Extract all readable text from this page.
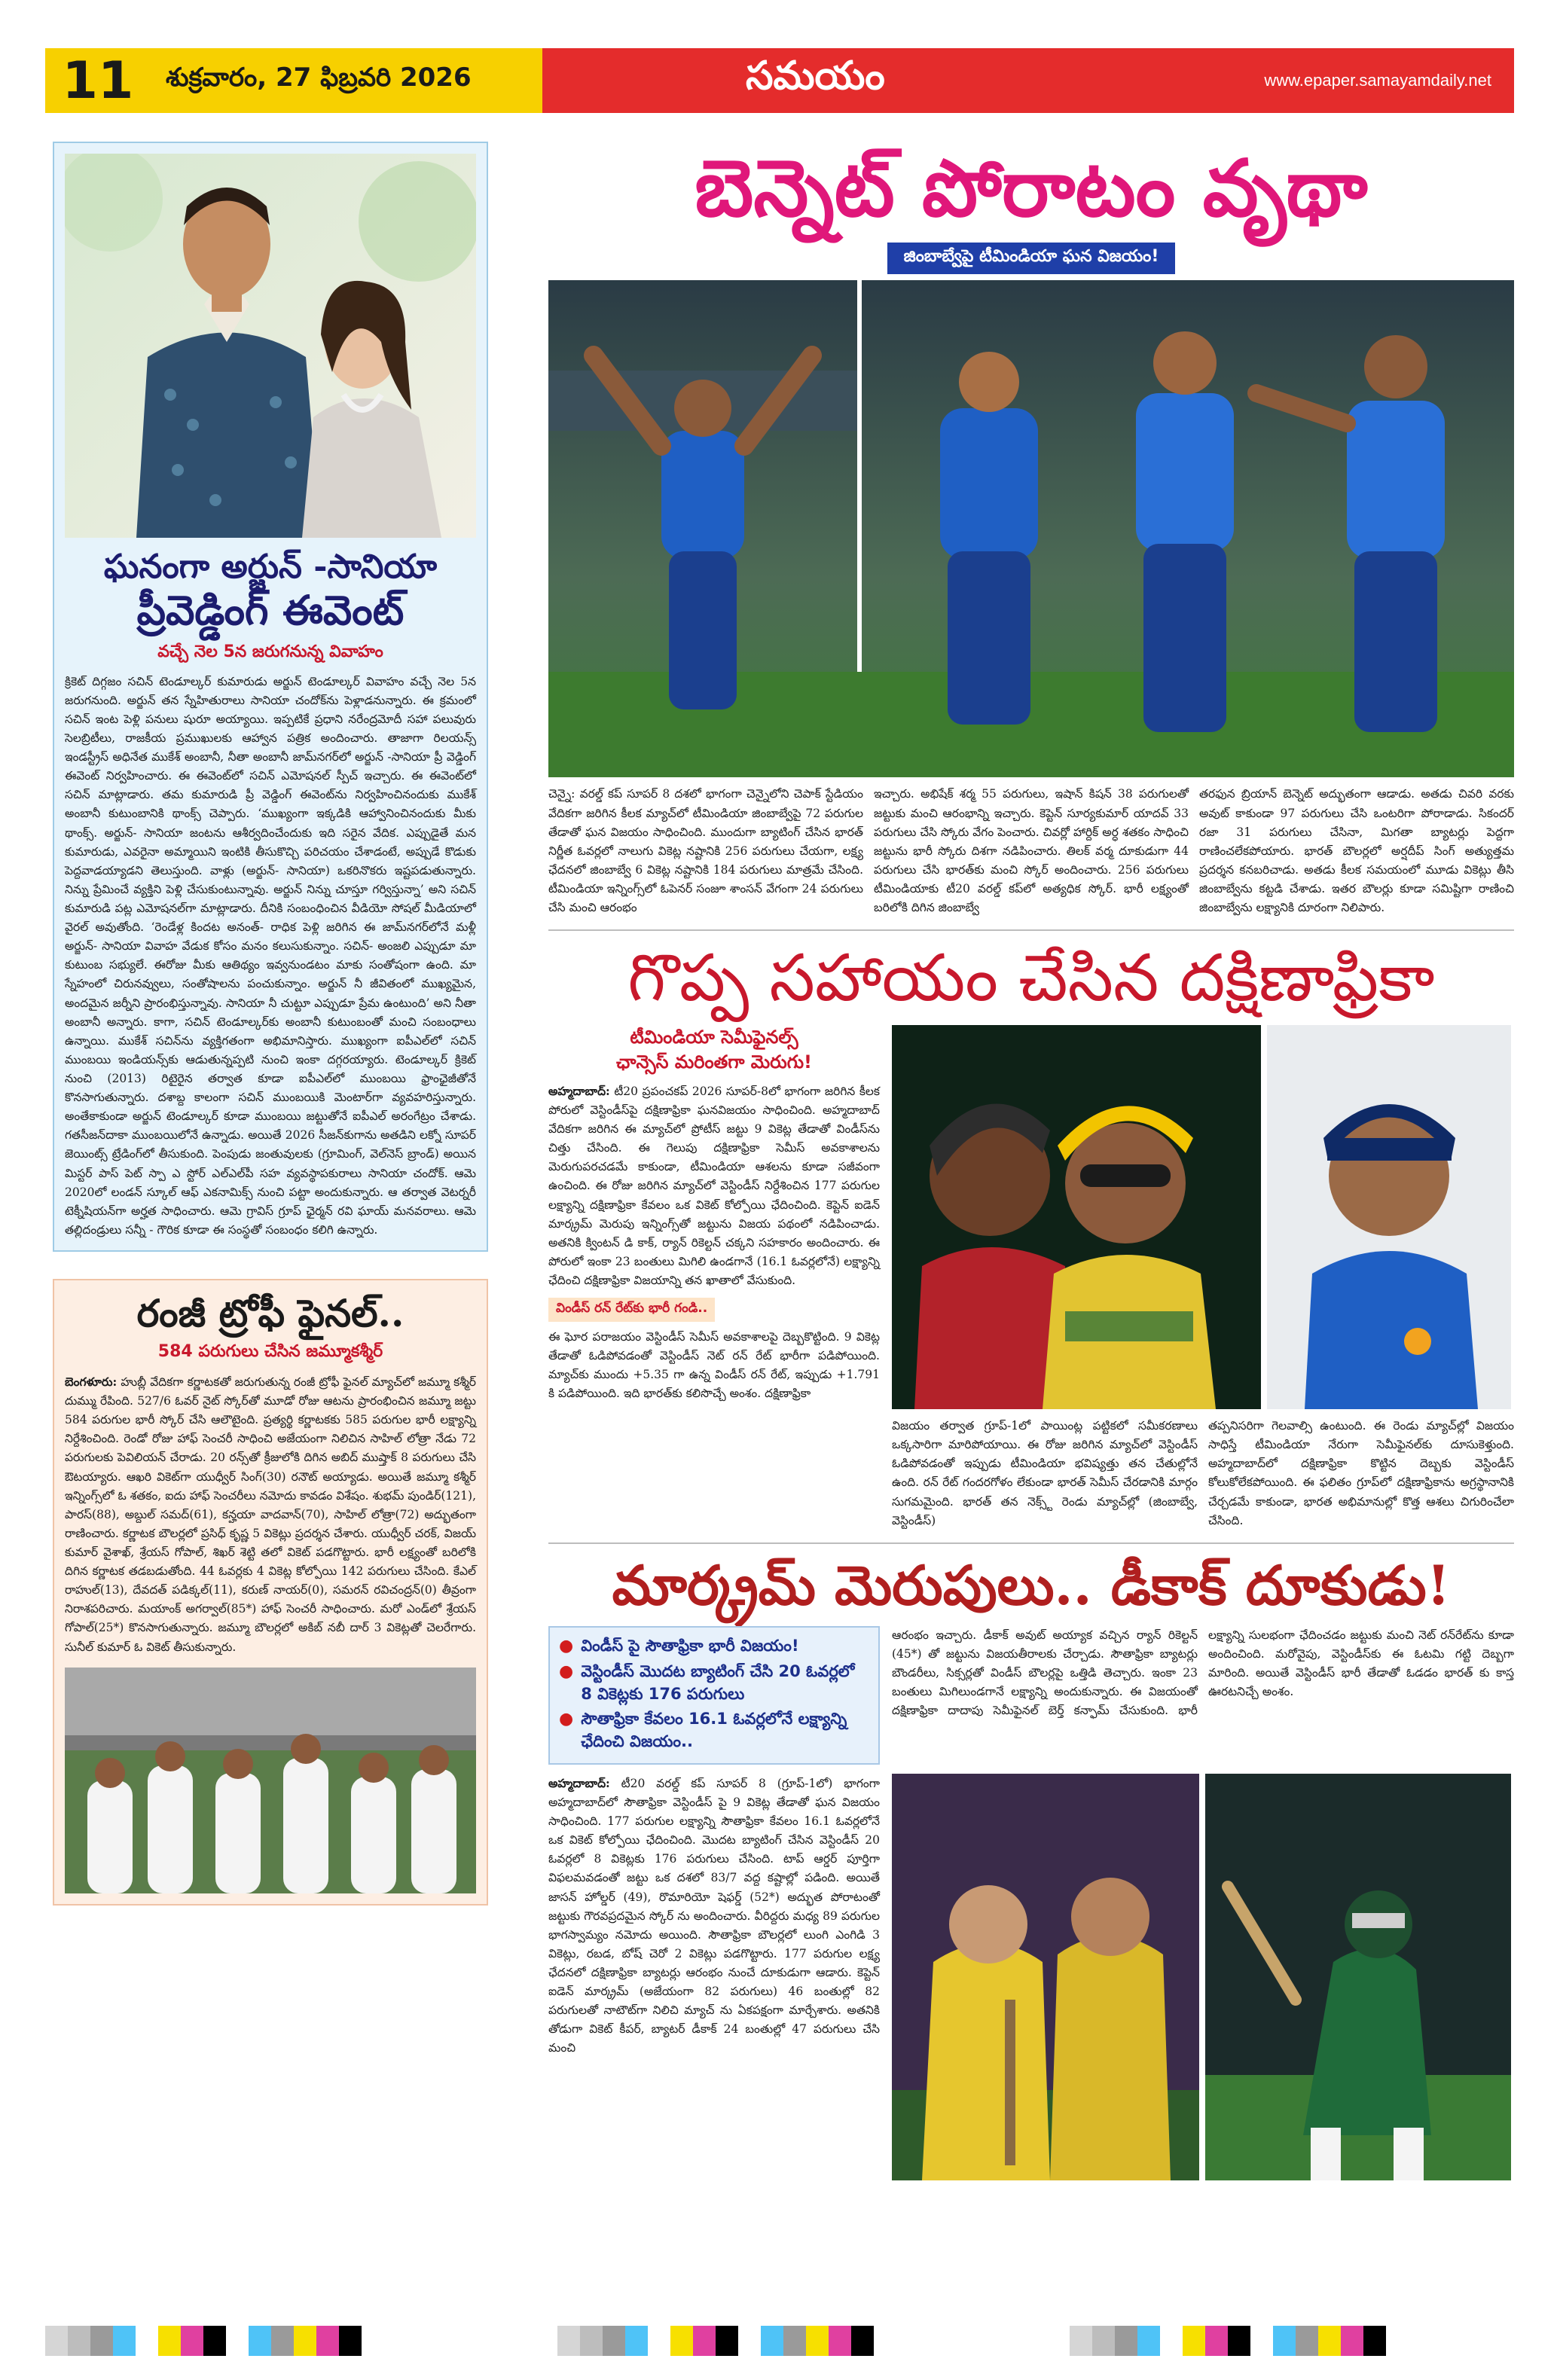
11	శుక్రవారం, 27 ఫిబ్రవరి 2026	సమయం	www.epaper.samayamdaily.net
ఘనంగా అర్జున్ -సానియా
ప్రీవెడ్డింగ్ ఈవెంట్
వచ్చే నెల 5న జరుగనున్న వివాహం
క్రికెట్ దిగ్గజం సచిన్ టెండూల్కర్ కుమారుడు అర్జున్ టెండూల్కర్ వివాహం వచ్చే నెల 5న జరుగనుంది. అర్జున్ తన స్నేహితురాలు సానియా చందోక్‌ను పెళ్లాడనున్నారు. ఈ క్రమంలో సచిన్ ఇంట పెళ్లి పనులు షురూ అయ్యాయి. ఇప్పటికే ప్రధాని నరేంద్రమోదీ సహా పలువురు సెలబ్రిటీలు, రాజకీయ ప్రముఖులకు ఆహ్వాన పత్రిక అందించారు. తాజాగా రిలయన్స్ ఇండస్ట్రీస్ అధినేత ముకేశ్ అంబానీ, నీతా అంబానీ జామ్‌నగర్‌లో అర్జున్ -సానియా ప్రీ వెడ్డింగ్ ఈవెంట్ నిర్వహించారు. ఈ ఈవెంట్‌లో సచిన్ ఎమోషనల్ స్పీచ్ ఇచ్చారు. ఈ ఈవెంట్‌లో సచిన్ మాట్లాడారు. తమ కుమారుడి ప్రీ వెడ్డింగ్ ఈవెంట్‌ను నిర్వహించినందుకు ముకేశ్ అంబానీ కుటుంబానికి థాంక్స్ చెప్పారు. ‘ముఖ్యంగా ఇక్కడికి ఆహ్వానించినందుకు మీకు థాంక్స్. అర్జున్- సానియా జంటను ఆశీర్వదించేందుకు ఇది సరైన వేదిక. ఎప్పుడైతే మన కుమారుడు, ఎవరైనా అమ్మాయిని ఇంటికి తీసుకొచ్చి పరిచయం చేశాడంటే, అప్పుడే కొడుకు పెద్దవాడయ్యాడని తెలుస్తుంది. వాళ్లు (అర్జున్- సానియా) ఒకరినొకరు ఇష్టపడుతున్నారు. నిన్ను ప్రేమించే వ్యక్తిని పెళ్లి చేసుకుంటున్నావు. అర్జున్ నిన్ను చూస్తూ గర్విస్తున్నా’ అని సచిన్ కుమారుడి పట్ల ఎమోషనల్‌గా మాట్లాడారు. దీనికి సంబంధించిన వీడియో సోషల్ మీడియాలో వైరల్ అవుతోంది. ‘రెండేళ్ల కిందట అనంత్- రాధిక పెళ్లి జరిగిన ఈ జామ్‌నగర్‌లోనే మళ్లీ అర్జున్- సానియా వివాహ వేడుక కోసం మనం కలుసుకున్నాం. సచిన్- అంజలి ఎప్పుడూ మా కుటుంబ సభ్యులే. ఈరోజు మీకు ఆతిథ్యం ఇవ్వనుండటం మాకు సంతోషంగా ఉంది. మా స్నేహంలో చిరునవ్వులు, సంతోషాలను పంచుకున్నాం. అర్జున్ నీ జీవితంలో ముఖ్యమైన, అందమైన జర్నీని ప్రారంభిస్తున్నావు. సానియా నీ చుట్టూ ఎప్పుడూ ప్రేమ ఉంటుంది’ అని నీతా అంబానీ అన్నారు. కాగా, సచిన్ టెండూల్కర్‌కు అంబానీ కుటుంబంతో మంచి సంబంధాలు ఉన్నాయి. ముకేశ్ సచిన్‌ను వ్యక్తిగతంగా అభిమానిస్తారు. ముఖ్యంగా ఐపీఎల్‌లో సచిన్ ముంబయి ఇండియన్స్‌కు ఆడుతున్నప్పటి నుంచి ఇంకా దగ్గరయ్యారు. టెండూల్కర్ క్రికెట్ నుంచి (2013) రిటైరైన తర్వాత కూడా ఐపీఎల్‌లో ముంబయి ఫ్రాంఛైజీతోనే కొనసాగుతున్నారు. దశాబ్ద కాలంగా సచిన్ ముంబయికి మెంటార్‌గా వ్యవహరిస్తున్నారు. అంతేకాకుండా అర్జున్ టెండూల్కర్ కూడా ముంబయి జట్టుతోనే ఐపీఎల్ అరంగేట్రం చేశాడు. గతసీజన్‌దాకా ముంబయిలోనే ఉన్నాడు. అయితే 2026 సీజన్‌కుగాను అతడిని లక్నో సూపర్ జెయింట్స్ ట్రేడింగ్‌లో తీసుకుంది. పెంపుడు జంతువులకు (గ్రూమింగ్, వెల్‌నెస్ బ్రాండ్) అయిన మిస్టర్ పాస్ పెట్ స్పా ఎ స్టోర్ ఎల్‌ఎల్‌పీ సహ వ్యవస్థాపకురాలు సానియా చందోక్. ఆమె 2020లో లండన్ స్కూల్ ఆఫ్ ఎకనామిక్స్ నుంచి పట్టా అందుకున్నారు. ఆ తర్వాత వెటర్నరీ టెక్నీషియన్‌గా అర్హత సాధించారు. ఆమె గ్రావిస్ గ్రూప్ ఛైర్మన్ రవి ఘాయ్ మనవరాలు. ఆమె తల్లిదండ్రులు సన్నీ - గౌరిక కూడా ఈ సంస్థతో సంబంధం కలిగి ఉన్నారు.
రంజీ ట్రోఫీ ఫైనల్..
584 పరుగులు చేసిన జమ్మూకశ్మీర్
బెంగళూరు: హుబ్లీ వేదికగా కర్ణాటకతో జరుగుతున్న రంజీ ట్రోఫీ ఫైనల్ మ్యాచ్‌లో జమ్మూ కశ్మీర్ దుమ్ము రేపింది. 527/6 ఓవర్ నైట్ స్కోర్‌తో మూడో రోజు ఆటను ప్రారంభించిన జమ్మూ జట్టు 584 పరుగుల భారీ స్కోర్ చేసి ఆలౌటైంది. ప్రత్యర్థి కర్ణాటకకు 585 పరుగుల భారీ లక్ష్యాన్ని నిర్దేశించింది. రెండో రోజు హాఫ్ సెంచరీ సాధించి అజేయంగా నిలిచిన సాహిల్ లోత్రా నేడు 72 పరుగులకు పెవిలియన్ చేరాడు. 20 రన్స్‌తో క్రీజులోకి దిగిన అబిద్ ముష్తాక్ 8 పరుగులు చేసి ఔటయ్యారు. ఆఖరి వికెట్‌గా యుధ్వీర్ సింగ్(30) రనౌట్ అయ్యాడు. అయితే జమ్మూ కశ్మీర్ ఇన్నింగ్స్‌లో ఓ శతకం, ఐదు హాఫ్ సెంచరీలు నమోదు కావడం విశేషం. శుభమ్ పుండిర్(121), పారస్(88), అబ్దుల్ సమద్(61), కన్హయా వాదవాన్(70), సాహిల్ లోత్రా(72) అద్భుతంగా రాణించారు. కర్ణాటక బౌలర్లలో ప్రసిధ్ కృష్ణ 5 వికెట్లు ప్రదర్శన చేశారు. యుధ్వీర్ చరక్, విజయ్ కుమార్ వైశాఖ్, శ్రేయస్ గోపాల్, శిఖర్ శెట్టి తలో వికెట్ పడగొట్టారు. భారీ లక్ష్యంతో బరిలోకి దిగిన కర్ణాటక తడబడుతోంది. 44 ఓవర్లకు 4 వికెట్ల కోల్పోయి 142 పరుగులు చేసింది. కేఎల్ రాహుల్(13), దేవదత్ పడిక్కల్(11), కరుణ్ నాయర్(0), సమరన్ రవిచంద్రన్(0) తీవ్రంగా నిరాశపరిచారు. మయాంక్ అగర్వాల్(85*) హాఫ్ సెంచరీ సాధించారు. మరో ఎండ్‌లో శ్రేయస్ గోపాల్(25*) కొనసాగుతున్నారు. జమ్మూ బౌలర్లలో అకిబ్ నబీ దార్ 3 వికెట్లతో చెలరేగారు. సునీల్ కుమార్ ఓ వికెట్ తీసుకున్నారు.
బెన్నెట్ పోరాటం వృథా
జింబాబ్వేపై టీమిండియా ఘన విజయం!
చెన్నై: వరల్డ్ కప్ సూపర్ 8 దశలో భాగంగా చెన్నైలోని చెపాక్ స్టేడియం వేదికగా జరిగిన కీలక మ్యాచ్‌లో టీమిండియా జింబాబ్వేపై 72 పరుగుల తేడాతో ఘన విజయం సాధించింది. ముందుగా బ్యాటింగ్ చేసిన భారత్ నిర్ణీత ఓవర్లలో నాలుగు వికెట్ల నష్టానికి 256 పరుగులు చేయగా, లక్ష్య ఛేదనలో జింబాబ్వే 6 వికెట్ల నష్టానికి 184 పరుగులు మాత్రమే చేసింది. టీమిండియా ఇన్నింగ్స్‌లో ఓపెనర్ సంజూ శాంసన్ వేగంగా 24 పరుగులు చేసి మంచి ఆరంభం
ఇచ్చారు. అభిషేక్ శర్మ 55 పరుగులు, ఇషాన్ కిషన్ 38 పరుగులతో జట్టుకు మంచి ఆరంభాన్ని ఇచ్చారు. కెప్టెన్ సూర్యకుమార్ యాదవ్ 33 పరుగులు చేసి స్కోరు వేగం పెంచారు. చివర్లో హార్దిక్ అర్ధ శతకం సాధించి జట్టును భారీ స్కోరు దిశగా నడిపించారు. తిలక్ వర్మ దూకుడుగా 44 పరుగులు చేసి భారత్‌కు మంచి స్కోర్ అందించారు. 256 పరుగులు టీమిండియాకు టీ20 వరల్డ్ కప్‌లో అత్యధిక స్కోర్. భారీ లక్ష్యంతో బరిలోకి దిగిన జింబాబ్వే
తరఫున బ్రియాన్ బెన్నెట్ అద్భుతంగా ఆడాడు. అతడు చివరి వరకు అవుట్ కాకుండా 97 పరుగులు చేసి ఒంటరిగా పోరాడాడు. సికందర్ రజా 31 పరుగులు చేసినా, మిగతా బ్యాటర్లు పెద్దగా రాణించలేకపోయారు. భారత్ బౌలర్లలో అర్షదీప్ సింగ్ అత్యుత్తమ ప్రదర్శన కనబరిచాడు. అతడు కీలక సమయంలో మూడు వికెట్లు తీసి జింబాబ్వేను కట్టడి చేశాడు. ఇతర బౌలర్లు కూడా సమిష్టిగా రాణించి జింబాబ్వేను లక్ష్యానికి దూరంగా నిలిపారు.
గొప్ప సహాయం చేసిన దక్షిణాఫ్రికా
టీమిండియా సెమీఫైనల్స్
ఛాన్సెస్ మరింతగా మెరుగు!
అహ్మదాబాద్: టీ20 ప్రపంచకప్ 2026 సూపర్-8లో భాగంగా జరిగిన కీలక పోరులో వెస్టిండీస్‌పై దక్షిణాఫ్రికా ఘనవిజయం సాధించింది. అహ్మదాబాద్ వేదికగా జరిగిన ఈ మ్యాచ్‌లో ప్రోటీస్ జట్టు 9 వికెట్ల తేడాతో విండీస్‌ను చిత్తు చేసింది. ఈ గెలుపు దక్షిణాఫ్రికా సెమీస్ అవకాశాలను మెరుగుపరచడమే కాకుండా, టీమిండియా ఆశలను కూడా సజీవంగా ఉంచింది. ఈ రోజు జరిగిన మ్యాచ్‌లో వెస్టిండీస్ నిర్దేశించిన 177 పరుగుల లక్ష్యాన్ని దక్షిణాఫ్రికా కేవలం ఒక వికెట్ కోల్పోయి ఛేదించింది. కెప్టెన్ ఐడెన్ మార్క్రమ్ మెరుపు ఇన్నింగ్స్‌తో జట్టును విజయ పథంలో నడిపించాడు. అతనికి క్వింటన్ డి కాక్, ర్యాన్ రికెల్టన్ చక్కని సహకారం అందించారు. ఈ పోరులో ఇంకా 23 బంతులు మిగిలి ఉండగానే (16.1 ఓవర్లలోనే) లక్ష్యాన్ని ఛేదించి దక్షిణాఫ్రికా విజయాన్ని తన ఖాతాలో వేసుకుంది.
విండీస్ రన్ రేట్‌కు భారీ గండి..
ఈ ఘోర పరాజయం వెస్టిండీస్ సెమీస్ అవకాశాలపై దెబ్బకొట్టింది. 9 వికెట్ల తేడాతో ఓడిపోవడంతో వెస్టిండీస్ నెట్ రన్ రేట్ భారీగా పడిపోయింది. మ్యాచ్‌కు ముందు +5.35 గా ఉన్న విండీస్ రన్ రేట్, ఇప్పుడు +1.791 కి పడిపోయింది. ఇది భారత్‌కు కలిసొచ్చే అంశం. దక్షిణాఫ్రికా
విజయం తర్వాత గ్రూప్-1లో పాయింట్ల పట్టికలో సమీకరణాలు ఒక్కసారిగా మారిపోయాయి. ఈ రోజు జరిగిన మ్యాచ్‌లో వెస్టిండీస్ ఓడిపోవడంతో ఇప్పుడు టీమిండియా భవిష్యత్తు తన చేతుల్లోనే ఉంది. రన్ రేట్ గందరగోళం లేకుండా భారత్ సెమీస్ చేరడానికి మార్గం సుగమమైంది. భారత్ తన నెక్స్ట్ రెండు మ్యాచ్‌ల్లో (జింబాబ్వే, వెస్టిండీస్)
తప్పనిసరిగా గెలవాల్సి ఉంటుంది. ఈ రెండు మ్యాచ్‌ల్లో విజయం సాధిస్తే టీమిండియా నేరుగా సెమీఫైనల్‌కు దూసుకెళ్తుంది. అహ్మదాబాద్‌లో దక్షిణాఫ్రికా కొట్టిన దెబ్బకు వెస్టిండీస్ కోలుకోలేకపోయింది. ఈ ఫలితం గ్రూప్‌లో దక్షిణాఫ్రికాను అగ్రస్థానానికి చేర్చడమే కాకుండా, భారత అభిమానుల్లో కొత్త ఆశలు చిగురించేలా చేసింది.
మార్క్రమ్ మెరుపులు.. డీకాక్ దూకుడు!
● విండీస్ పై సౌతాఫ్రికా భారీ విజయం!
● వెస్టిండీస్ మొదట బ్యాటింగ్ చేసి 20 ఓవర్లలో 8 వికెట్లకు 176 పరుగులు
● సౌతాఫ్రికా కేవలం 16.1 ఓవర్లలోనే లక్ష్యాన్ని ఛేదించి విజయం..
ఆరంభం ఇచ్చారు. డీకాక్ అవుట్ అయ్యాక వచ్చిన ర్యాన్ రికెల్టన్ (45*) తో జట్టును విజయతీరాలకు చేర్చాడు. సౌతాఫ్రికా బ్యాటర్లు బౌండరీలు, సిక్సర్లతో విండీస్ బౌలర్లపై ఒత్తిడి తెచ్చారు. ఇంకా 23 బంతులు మిగిలుండగానే లక్ష్యాన్ని అందుకున్నారు. ఈ విజయంతో దక్షిణాఫ్రికా దాదాపు సెమీఫైనల్ బెర్త్ కన్ఫామ్ చేసుకుంది. భారీ లక్ష్యాన్ని సులభంగా ఛేదించడం జట్టుకు మంచి నెట్ రన్‌రేట్‌ను కూడా అందించింది. మరోవైపు, వెస్టిండీస్‌కు ఈ ఓటమి గట్టి దెబ్బగా మారింది. అయితే వెస్టిండీస్ భారీ తేడాతో ఓడడం భారత్ కు కాస్త ఊరటనిచ్చే అంశం.
అహ్మదాబాద్: టీ20 వరల్డ్ కప్ సూపర్ 8 (గ్రూప్-1లో) భాగంగా అహ్మదాబాద్‌లో సౌతాఫ్రికా వెస్టిండీస్ పై 9 వికెట్ల తేడాతో ఘన విజయం సాధించింది. 177 పరుగుల లక్ష్యాన్ని సౌతాఫ్రికా కేవలం 16.1 ఓవర్లలోనే ఒక వికెట్ కోల్పోయి ఛేదించింది. మొదట బ్యాటింగ్ చేసిన వెస్టిండీస్ 20 ఓవర్లలో 8 వికెట్లకు 176 పరుగులు చేసింది. టాప్ ఆర్డర్ పూర్తిగా విఫలమవడంతో జట్టు ఒక దశలో 83/7 వద్ద కష్టాల్లో పడింది. అయితే జాసన్ హోల్డర్ (49), రొమారియో షెఫర్డ్ (52*) అద్భుత పోరాటంతో జట్టుకు గౌరవప్రదమైన స్కోర్ ను అందించారు. వీరిద్దరు మధ్య 89 పరుగుల భాగస్వామ్యం నమోదు అయింది. సౌతాఫ్రికా బౌలర్లలో లుంగి ఎంగిడి 3 వికెట్లు, రబడ, బోష్ చెరో 2 వికెట్లు పడగొట్టారు. 177 పరుగుల లక్ష్య ఛేదనలో దక్షిణాఫ్రికా బ్యాటర్లు ఆరంభం నుంచే దూకుడుగా ఆడారు. కెప్టెన్ ఐడెన్ మార్క్రమ్ (అజేయంగా 82 పరుగులు) 46 బంతుల్లో 82 పరుగులతో నాటౌట్‌గా నిలిచి మ్యాచ్ ను ఏకపక్షంగా మార్చేశారు. అతనికి తోడుగా వికెట్ కీపర్, బ్యాటర్ డీకాక్ 24 బంతుల్లో 47 పరుగులు చేసి మంచి
